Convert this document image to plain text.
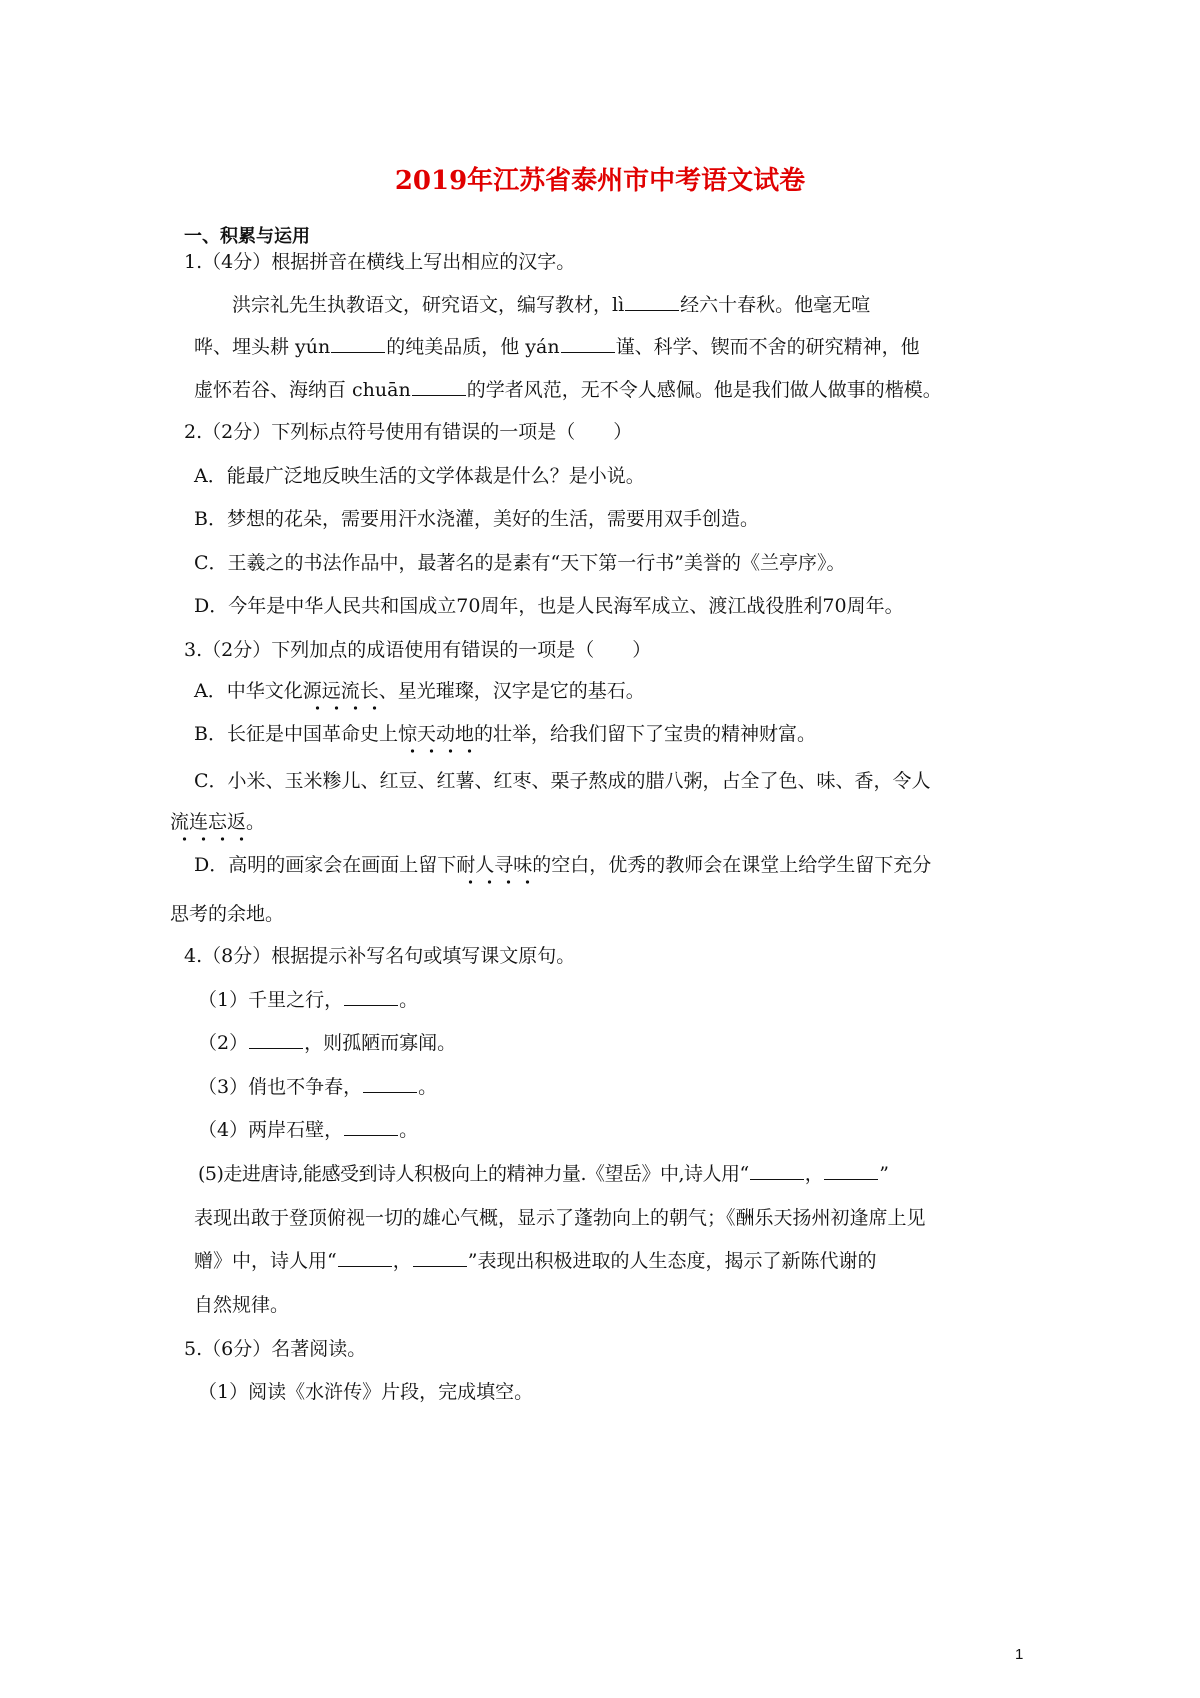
2019年江苏省泰州市中考语文试卷
一、积累与运用
1.（4分）根据拼音在横线上写出相应的汉字。
洪宗礼先生执教语文，研究语文，编写教材，lì	经六十春秋。他毫无喧
哗、埋头耕 yún	的纯美品质，他 yán	谨、科学、锲而不舍的研究精神，他
虚怀若谷、海纳百 chuān	的学者风范，无不令人感佩。他是我们做人做事的楷模。
2.（2分）下列标点符号使用有错误的一项是（　　）
A．能最广泛地反映生活的文学体裁是什么？是小说。
B．梦想的花朵，需要用汗水浇灌，美好的生活，需要用双手创造。
C．王羲之的书法作品中，最著名的是素有“天下第一行书”美誉的《兰亭序》。
D．今年是中华人民共和国成立70周年，也是人民海军成立、渡江战役胜利70周年。
3.（2分）下列加点的成语使用有错误的一项是（　　）
A．中华文化源远流长、星光璀璨，汉字是它的基石。
B．长征是中国革命史上惊天动地的壮举，给我们留下了宝贵的精神财富。
C．小米、玉米糁儿、红豆、红薯、红枣、栗子熬成的腊八粥，占全了色、味、香，令人
流连忘返。
D．高明的画家会在画面上留下耐人寻味的空白，优秀的教师会在课堂上给学生留下充分
思考的余地。
4.（8分）根据提示补写名句或填写课文原句。
（1）千里之行，	。
（2）	，则孤陋而寡闻。
（3）俏也不争春，	。
（4）两岸石壁，	。
(5)走进唐诗,能感受到诗人积极向上的精神力量.《望岳》中,诗人用“	，	”
表现出敢于登顶俯视一切的雄心气概，显示了蓬勃向上的朝气；《酬乐天扬州初逢席上见
赠》中，诗人用“	，	”表现出积极进取的人生态度，揭示了新陈代谢的
自然规律。
5.（6分）名著阅读。
（1）阅读《水浒传》片段，完成填空。
1
